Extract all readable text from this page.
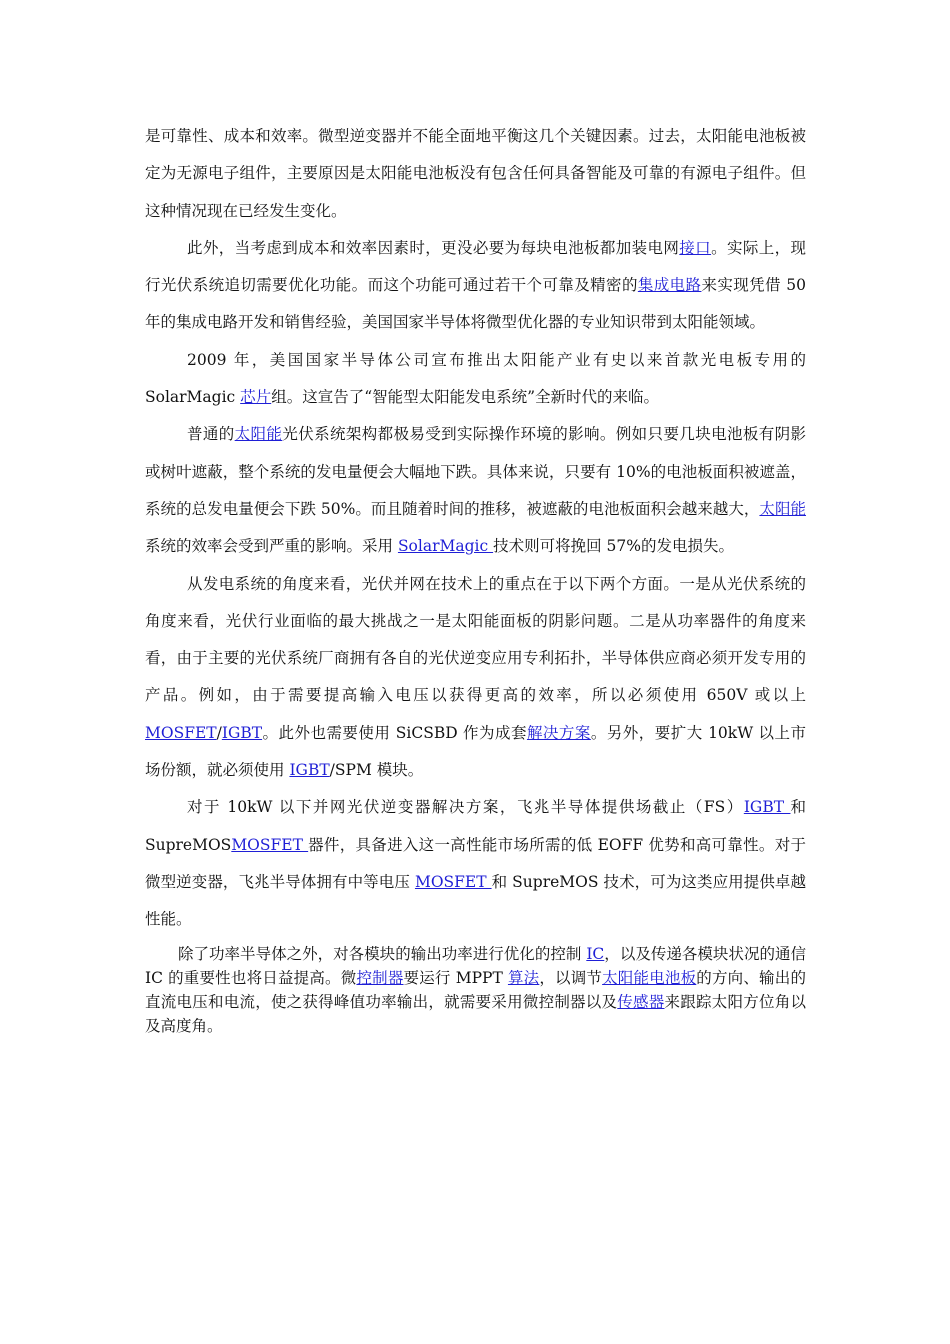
是可靠性、成本和效率。微型逆变器并不能全面地平衡这几个关键因素。过去，太阳能电池板被定为无源电子组件，主要原因是太阳能电池板没有包含任何具备智能及可靠的有源电子组件。但这种情况现在已经发生变化。

此外，当考虑到成本和效率因素时，更没必要为每块电池板都加装电网接口。实际上，现行光伏系统追切需要优化功能。而这个功能可通过若干个可靠及精密的集成电路来实现凭借 50 年的集成电路开发和销售经验，美国国家半导体将微型优化器的专业知识带到太阳能领域。

2009 年，美国国家半导体公司宣布推出太阳能产业有史以来首款光电板专用的 SolarMagic 芯片组。这宣告了“智能型太阳能发电系统”全新时代的来临。

普通的太阳能光伏系统架构都极易受到实际操作环境的影响。例如只要几块电池板有阴影或树叶遮蔽，整个系统的发电量便会大幅地下跌。具体来说，只要有 10%的电池板面积被遮盖，系统的总发电量便会下跌 50%。而且随着时间的推移，被遮蔽的电池板面积会越来越大，太阳能系统的效率会受到严重的影响。采用 SolarMagic 技术则可将挽回 57%的发电损失。

从发电系统的角度来看，光伏并网在技术上的重点在于以下两个方面。一是从光伏系统的角度来看，光伏行业面临的最大挑战之一是太阳能面板的阴影问题。二是从功率器件的角度来看，由于主要的光伏系统厂商拥有各自的光伏逆变应用专利拓扑，半导体供应商必须开发专用的产品。例如，由于需要提高输入电压以获得更高的效率，所以必须使用 650V 或以上 MOSFET/IGBT。此外也需要使用 SiCSBD 作为成套解决方案。另外，要扩大 10kW 以上市场份额，就必须使用 IGBT/SPM 模块。

对于 10kW 以下并网光伏逆变器解决方案，飞兆半导体提供场截止（FS）IGBT 和 SupreMOSMOSFET 器件，具备进入这一高性能市场所需的低 EOFF 优势和高可靠性。对于微型逆变器，飞兆半导体拥有中等电压 MOSFET 和 SupreMOS 技术，可为这类应用提供卓越性能。

除了功率半导体之外，对各模块的输出功率进行优化的控制 IC，以及传递各模块状况的通信 IC 的重要性也将日益提高。微控制器要运行 MPPT 算法，以调节太阳能电池板的方向、输出的直流电压和电流，使之获得峰值功率输出，就需要采用微控制器以及传感器来跟踪太阳方位角以及高度角。
